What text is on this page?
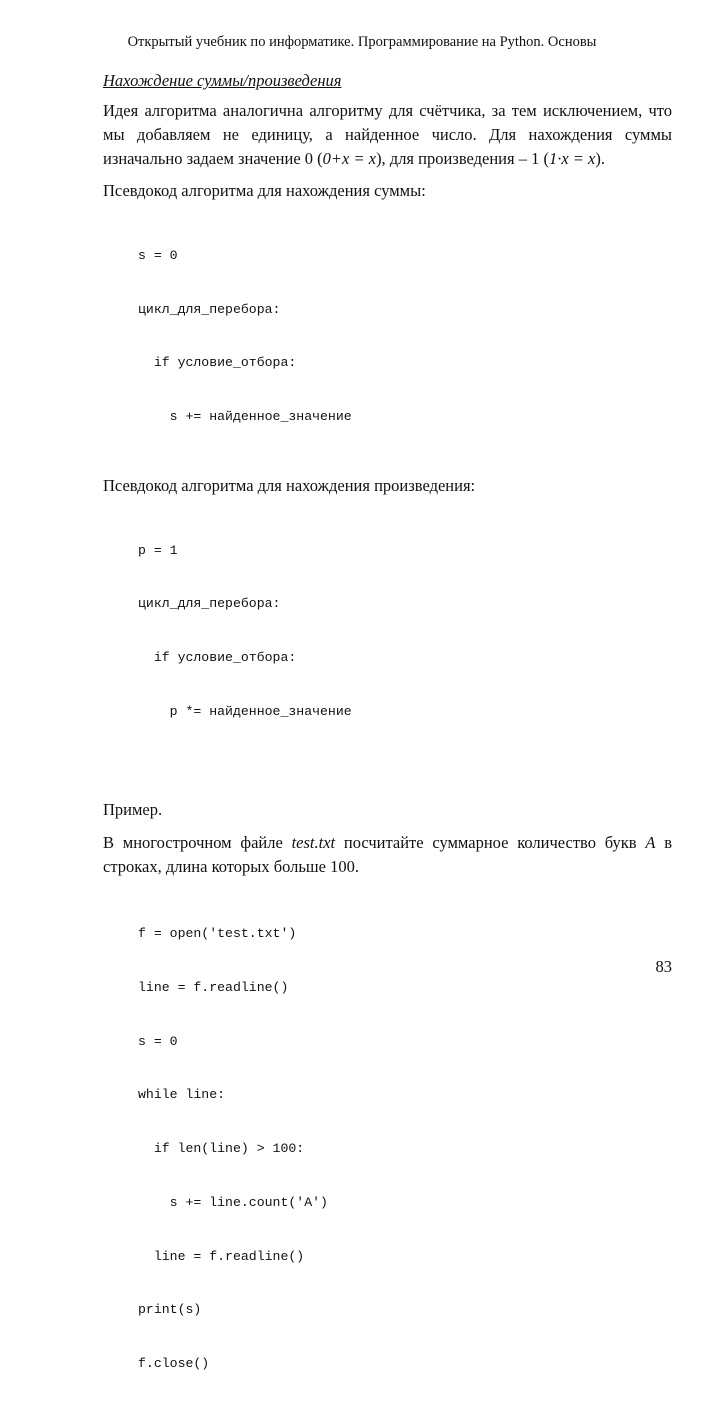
Открытый учебник по информатике. Программирование на Python. Основы

Нахождение суммы/произведения

Идея алгоритма аналогична алгоритму для счётчика, за тем исключением, что мы добавляем не единицу, а найденное число. Для нахождения суммы изначально задаем значение 0 (0+x = x), для произведения – 1 (1·x = x).

Псевдокод алгоритма для нахождения суммы:

s = 0

цикл_для_перебора:

if условие_отбора:

s += найденное_значение

Псевдокод алгоритма для нахождения произведения:

p = 1

цикл_для_перебора:

if условие_отбора:

p *= найденное_значение

Пример.

В многострочном файле test.txt посчитайте суммарное количество букв A в строках, длина которых больше 100.

f = open('test.txt')

line = f.readline()

s = 0

while line:

if len(line) > 100:

s += line.count('A')

line = f.readline()

print(s)

f.close()

83
